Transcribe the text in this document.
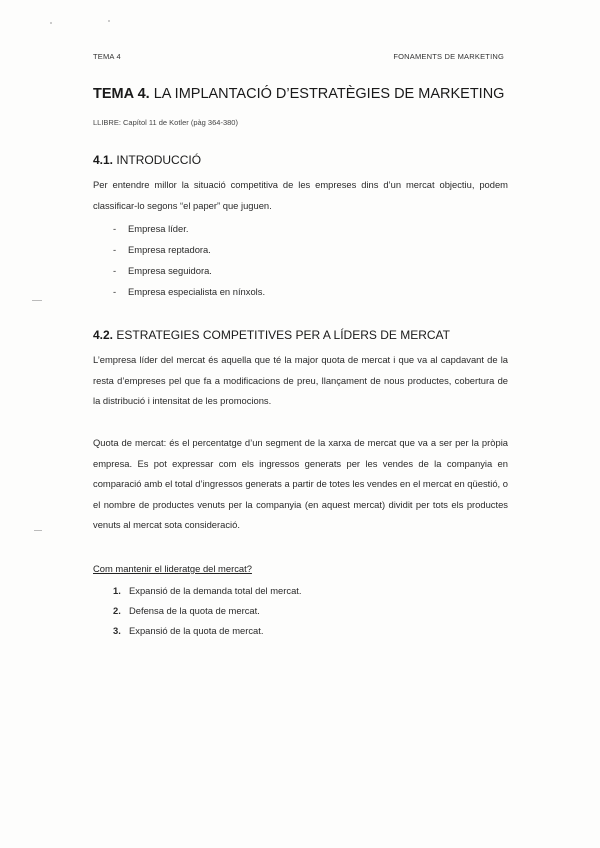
TEMA 4	FONAMENTS DE MARKETING
TEMA 4. LA IMPLANTACIÓ D’ESTRATÈGIES DE MARKETING
LLIBRE: Capítol 11 de Kotler (pàg 364-380)
4.1. INTRODUCCIÓ
Per entendre millor la situació competitiva de les empreses dins d’un mercat objectiu, podem classificar-lo segons “el paper” que juguen.
-	Empresa líder.
-	Empresa reptadora.
-	Empresa seguidora.
-	Empresa especialista en nínxols.
4.2. ESTRATEGIES COMPETITIVES PER A LÍDERS DE MERCAT
L’empresa líder del mercat és aquella que té la major quota de mercat i que va al capdavant de la resta d’empreses pel que fa a modificacions de preu, llançament de nous productes, cobertura de la distribució i intensitat de les promocions.
Quota de mercat: és el percentatge d’un segment de la xarxa de mercat que va a ser per la pròpia empresa. Es pot expressar com els ingressos generats per les vendes de la companyia en comparació amb el total d’ingressos generats a partir de totes les vendes en el mercat en qüestió, o el nombre de productes venuts per la companyia (en aquest mercat) dividit per tots els productes venuts al mercat sota consideració.
Com mantenir el lideratge del mercat?
1. Expansió de la demanda total del mercat.
2. Defensa de la quota de mercat.
3. Expansió de la quota de mercat.
